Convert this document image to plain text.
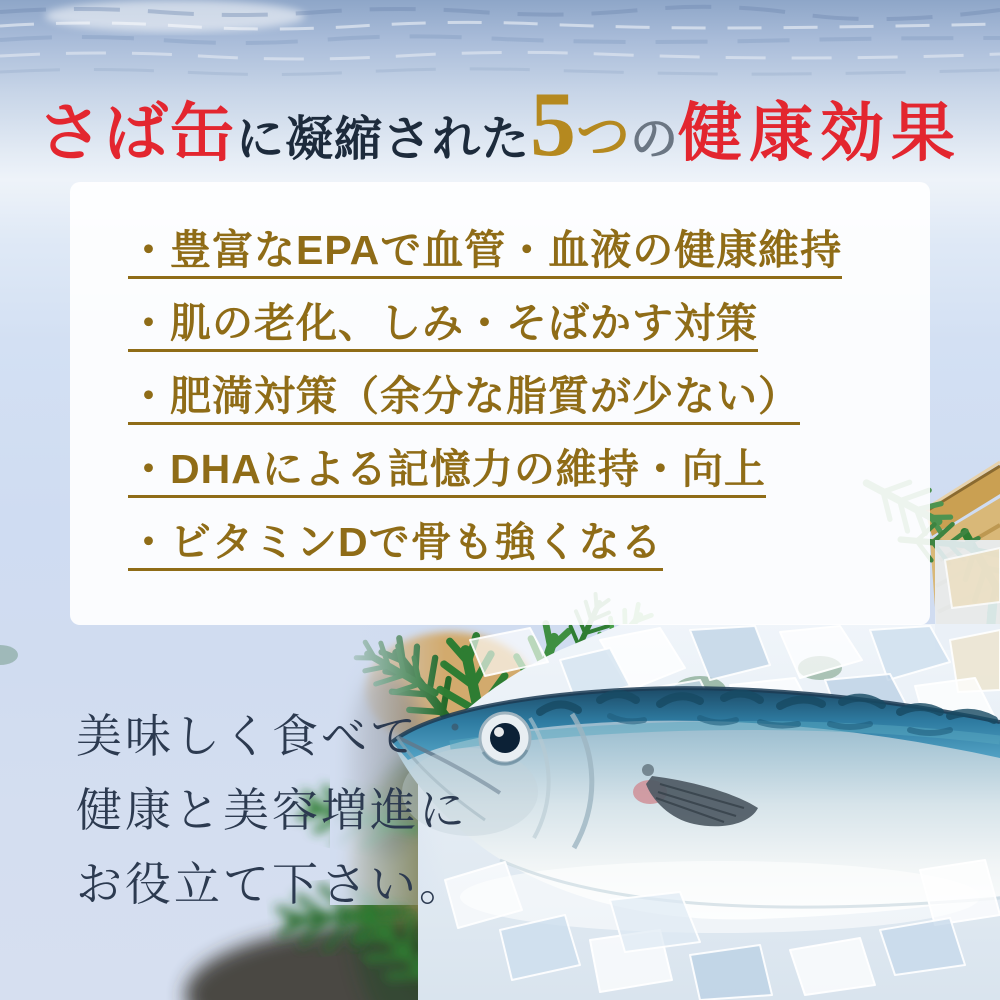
さば缶に凝縮された5つの健康効果
・豊富なEPAで血管・血液の健康維持
・肌の老化、しみ・そばかす対策
・肥満対策（余分な脂質が少ない）
・DHAによる記憶力の維持・向上
・ビタミンDで骨も強くなる
美味しく食べて
健康と美容増進に
お役立て下さい。
